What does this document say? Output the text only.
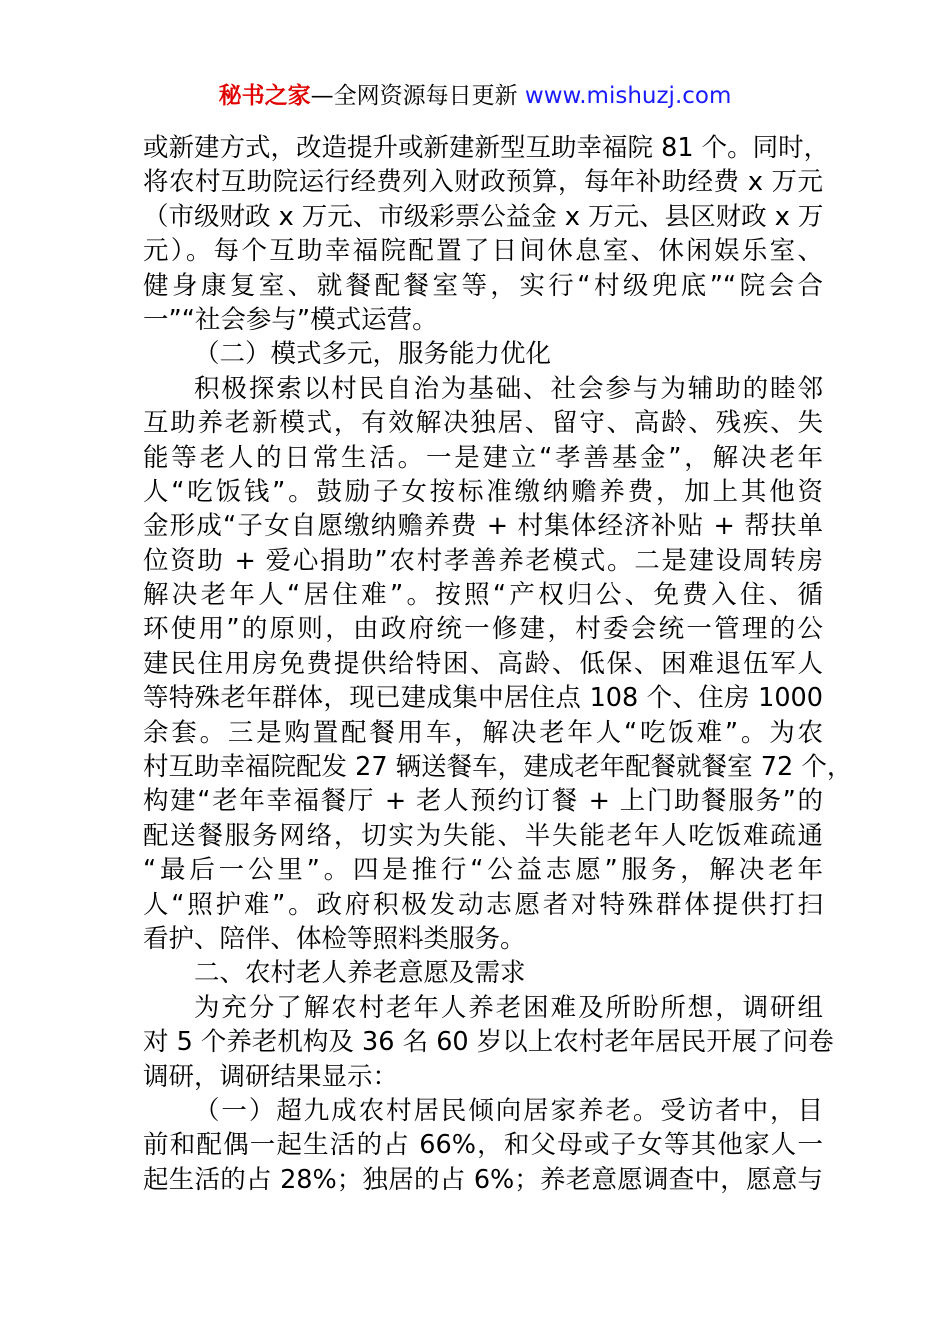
秘书之家—全网资源每日更新 www.mishuzj.com
或新建方式，改造提升或新建新型互助幸福院 81 个。同时，
将农村互助院运行经费列入财政预算，每年补助经费 x 万元
（市级财政 x 万元、市级彩票公益金 x 万元、县区财政 x 万
元）。每个互助幸福院配置了日间休息室、休闲娱乐室、
健身康复室、就餐配餐室等，实行“村级兜底”“院会合
一”“社会参与”模式运营。
（二）模式多元，服务能力优化
积极探索以村民自治为基础、社会参与为辅助的睦邻
互助养老新模式，有效解决独居、留守、高龄、残疾、失
能等老人的日常生活。一是建立“孝善基金”，解决老年
人“吃饭钱”。鼓励子女按标准缴纳赡养费，加上其他资
金形成“子女自愿缴纳赡养费 + 村集体经济补贴 + 帮扶单
位资助 + 爱心捐助”农村孝善养老模式。二是建设周转房
解决老年人“居住难”。按照“产权归公、免费入住、循
环使用”的原则，由政府统一修建，村委会统一管理的公
建民住用房免费提供给特困、高龄、低保、困难退伍军人
等特殊老年群体，现已建成集中居住点 108 个、住房 1000
余套。三是购置配餐用车，解决老年人“吃饭难”。为农
村互助幸福院配发 27 辆送餐车，建成老年配餐就餐室 72 个，
构建“老年幸福餐厅 + 老人预约订餐 + 上门助餐服务”的
配送餐服务网络，切实为失能、半失能老年人吃饭难疏通
“最后一公里”。四是推行“公益志愿”服务，解决老年
人“照护难”。政府积极发动志愿者对特殊群体提供打扫
看护、陪伴、体检等照料类服务。
二、农村老人养老意愿及需求
为充分了解农村老年人养老困难及所盼所想，调研组
对 5 个养老机构及 36 名 60 岁以上农村老年居民开展了问卷
调研，调研结果显示：
（一）超九成农村居民倾向居家养老。受访者中，目
前和配偶一起生活的占 66%，和父母或子女等其他家人一
起生活的占 28%；独居的占 6%；养老意愿调查中，愿意与
